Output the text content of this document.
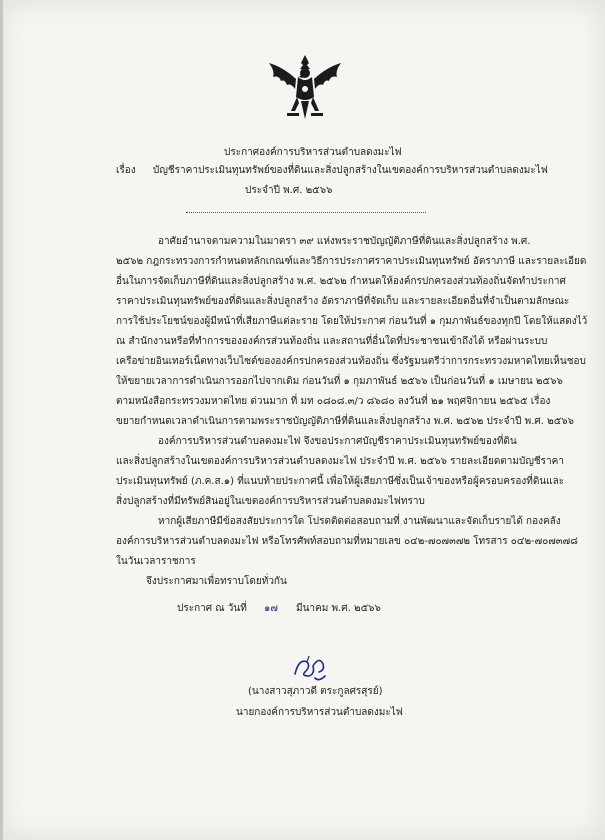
ประกาศองค์การบริหารส่วนตำบลดงมะไฟ
เรื่อง บัญชีราคาประเมินทุนทรัพย์ของที่ดินและสิ่งปลูกสร้างในเขตองค์การบริหารส่วนตำบลดงมะไฟ
ประจำปี พ.ศ. ๒๕๖๖
อาศัยอำนาจตามความในมาตรา ๓๙ แห่งพระราชบัญญัติภาษีที่ดินและสิ่งปลูกสร้าง พ.ศ.
๒๕๖๒ กฎกระทรวงการกำหนดหลักเกณฑ์และวิธีการประกาศราคาประเมินทุนทรัพย์ อัตราภาษี และรายละเอียด
อื่นในการจัดเก็บภาษีที่ดินและสิ่งปลูกสร้าง พ.ศ. ๒๕๖๒ กำหนดให้องค์กรปกครองส่วนท้องถิ่นจัดทำประกาศ
ราคาประเมินทุนทรัพย์ของที่ดินและสิ่งปลูกสร้าง อัตราภาษีที่จัดเก็บ และรายละเอียดอื่นที่จำเป็นตามลักษณะ
การใช้ประโยชน์ของผู้มีหน้าที่เสียภาษีแต่ละราย โดยให้ประกาศ ก่อนวันที่ ๑ กุมภาพันธ์ของทุกปี โดยให้แสดงไว้
ณ สำนักงานหรือที่ทำการขององค์กรส่วนท้องถิ่น และสถานที่อื่นใดที่ประชาชนเข้าถึงได้ หรือผ่านระบบ
เครือข่ายอินเทอร์เน็ตทางเว็บไซต์ขององค์กรปกครองส่วนท้องถิ่น ซึ่งรัฐมนตรีว่าการกระทรวงมหาดไทยเห็นชอบ
ให้ขยายเวลาการดำเนินการออกไปจากเดิม ก่อนวันที่ ๑ กุมภาพันธ์ ๒๕๖๖ เป็นก่อนวันที่ ๑ เมษายน ๒๕๖๖
ตามหนังสือกระทรวงมหาดไทย ด่วนมาก ที่ มท ๐๘๐๘.๓/ว ๘๖๘๐ ลงวันที่ ๒๑ พฤศจิกายน ๒๕๖๕ เรื่อง
ขยายกำหนดเวลาดำเนินการตามพระราชบัญญัติภาษีที่ดินและสิ่งปลูกสร้าง พ.ศ. ๒๕๖๒ ประจำปี พ.ศ. ๒๕๖๖
องค์การบริหารส่วนตำบลดงมะไฟ จึงขอประกาศบัญชีราคาประเมินทุนทรัพย์ของที่ดิน
และสิ่งปลูกสร้างในเขตองค์การบริหารส่วนตำบลดงมะไฟ ประจำปี พ.ศ. ๒๕๖๖ รายละเอียดตามบัญชีราคา
ประเมินทุนทรัพย์ (ภ.ค.ส.๑) ที่แนบท้ายประกาศนี้ เพื่อให้ผู้เสียภาษีซึ่งเป็นเจ้าของหรือผู้ครอบครองที่ดินและ
สิ่งปลูกสร้างที่มีทรัพย์สินอยู่ในเขตองค์การบริหารส่วนตำบลดงมะไฟทราบ
หากผู้เสียภาษีมีข้อสงสัยประการใด โปรดติดต่อสอบถามที่ งานพัฒนาและจัดเก็บรายได้ กองคลัง
องค์การบริหารส่วนตำบลดงมะไฟ หรือโทรศัพท์สอบถามที่หมายเลข ๐๔๒-๗๐๗๓๗๒ โทรสาร ๐๔๒-๗๐๗๓๗๘
ในวันเวลาราชการ
จึงประกาศมาเพื่อทราบโดยทั่วกัน
ประกาศ ณ วันที่ ๑๗ มีนาคม พ.ศ. ๒๕๖๖
(นางสาวสุภาวดี ตระกูลศรสุรย์)
นายกองค์การบริหารส่วนตำบลดงมะไฟ
